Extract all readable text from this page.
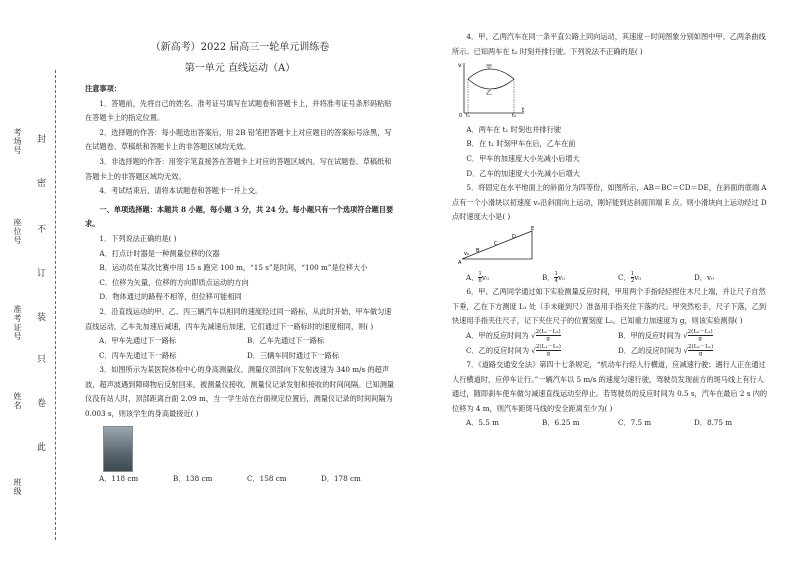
考场号
座位号
准考证号
姓名
班级
封
密
不
订
装
只
卷
此
（新高考）2022 届高三一轮单元训练卷
第一单元 直线运动（A）

注意事项：

1．答题前，先将自己的姓名、准考证号填写在试题卷和答题卡上，并将准考证号条形码粘贴在答题卡上的指定位置。

2．选择题的作答：每小题选出答案后，用 2B 铅笔把答题卡上对应题目的答案标号涂黑，写在试题卷、草稿纸和答题卡上的非答题区域均无效。

3．非选择题的作答：用签字笔直接答在答题卡上对应的答题区域内。写在试题卷、草稿纸和答题卡上的非答题区域均无效。

4．考试结束后，请将本试题卷和答题卡一并上交。

一、单项选择题：本题共 8 小题，每小题 3 分，共 24 分。每小题只有一个选项符合题目要求。

1．下列说法正确的是( )

A．打点计时器是一种测量位移的仪器

B．运动员在某次比赛中用 15 s 跑完 100 m，“15 s”是时间，“100 m”是位移大小

C．位移为矢量，位移的方向即质点运动的方向

D．物体通过的路程不相等，但位移可能相同

2．沿直线运动的甲、乙、丙三辆汽车以相同的速度经过同一路标，从此时开始，甲车做匀速直线运动，乙车先加速后减速，丙车先减速后加速，它们通过下一路标时的速度相同，则( )

A．甲车先通过下一路标	B．乙车先通过下一路标
C．丙车先通过下一路标	D．三辆车同时通过下一路标

3．如图所示为某医院体检中心的身高测量仪。测量仪顶部向下发射波速为 340 m/s 的超声波，超声波遇到障碍物后反射回来，被测量仪接收，测量仪记录发射和接收的时间间隔。已知测量仪没有站人时，顶部距离台面 2.09 m，当一学生站在台面规定位置后，测量仪记录的时间间隔为 0.003 s，则该学生的身高最接近( )

A．118 cm	B．138 cm	C．158 cm	D．178 cm

4．甲、乙两汽车在同一条平直公路上同向运动，其速度－时间图象分别如图中甲、乙两条曲线所示。已知两车在 t₂ 时刻并排行驶。下列说法不正确的是( )

v
t
0 t₁	t₂
甲
乙

A．两车在 t₁ 时刻也并排行驶

B．在 t₁ 时刻甲车在后，乙车在前

C．甲车的加速度大小先减小后增大

D．乙车的加速度大小先减小后增大

5．将固定在水平地面上的斜面分为四等份，如图所示，AB＝BC＝CD＝DE，在斜面的底端 A 点有一个小滑块以初速度 v₀沿斜面向上运动，刚好能到达斜面顶端 E 点。则小滑块向上运动经过 D 点时速度大小是( )

A
B
C
D
E
v₀
A． $\frac{1}{6}v_0$	B． $\frac{1}{4}v_0$	C． $\frac{1}{2}v_0$	D．v₀

6．甲、乙两同学通过如下实验测量反应时间，甲用两个手指轻轻捏住木尺上端，并让尺子自然下垂，乙在下方测度 L₁ 处（手未碰到尺）准备用手指夹住下落的尺。甲突然松手，尺子下落，乙到快速用手指夹住尺子，记下夹住尺子的位置刻度 L₂。已知重力加速度为 g，则该实验测得( )

A．甲的反应时间为 √ $\frac{\text{2(L₁－L₂)}}{g}$	B．甲的反应时间为 √ $\frac{\text{2(L₂－L₁)}}{g}$
C．乙的反应时间为 √ $\frac{\text{2(L₁－L₂)}}{g}$	D．乙的反应时间为 √ $\frac{\text{2(L₂－L₁)}}{g}$

7．《道路交通安全法》第四十七条规定，“机动车行经人行横道，应减速行驶；遇行人正在通过人行横道时，应停车让行。”一辆汽车以 5 m/s 的速度匀速行驶，驾驶员发现前方的斑马线上有行人通过，随即刹车使车做匀减速直线运动至停止。若驾驶员的反应时间为 0.5 s，汽车在最后 2 s 内的位移为 4 m，则汽车距斑马线的安全距离至少为( )

A．5.5 m	B．6.25 m	C．7.5 m	D．8.75 m
